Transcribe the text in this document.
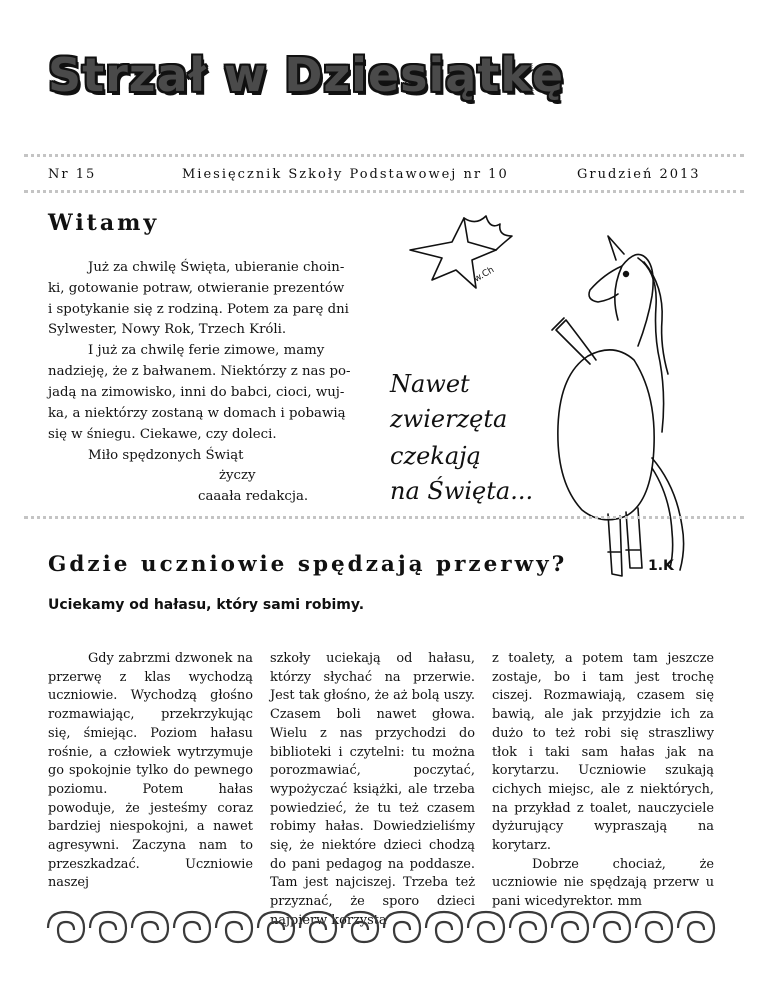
Strzał w Dziesiątkę
Nr 15	Miesięcznik Szkoły Podstawowej nr 10	Grudzień 2013
Witamy
Już za chwilę Święta, ubieranie choin-
ki, gotowanie potraw, otwieranie prezentów
i spotykanie się z rodziną. Potem za parę dni
Sylwester, Nowy Rok, Trzech Króli.
I już za chwilę ferie zimowe, mamy
nadzieję, że z bałwanem. Niektórzy z nas po-
jadą na zimowisko, inni do babci, cioci, wuj-
ka, a niektórzy zostaną w domach i pobawią
się w śniegu. Ciekawe, czy doleci.
Miło spędzonych Świąt
życzy
caaała redakcja.
Nawet
zwierzęta
czekają
na Święta...
w.Ch
1.K
Gdzie uczniowie spędzają przerwy?
Uciekamy od hałasu, który sami robimy.

Gdy zabrzmi dzwonek na przerwę z klas wychodzą uczniowie. Wychodzą głośno rozmawiając, przekrzykując się, śmiejąc. Poziom hałasu rośnie, a człowiek wytrzymuje go spokojnie tylko do pewnego poziomu. Potem hałas powoduje, że jesteśmy coraz bardziej niespokojni, a nawet agresywni. Zaczyna nam to przeszkadzać. Uczniowie naszej

szkoły uciekają od hałasu, którzy słychać na przerwie. Jest tak głośno, że aż bolą uszy. Czasem boli nawet głowa. Wielu z nas przychodzi do biblioteki i czytelni: tu można porozmawiać, poczytać, wypożyczać książki, ale trzeba powiedzieć, że tu też czasem robimy hałas. Dowiedzieliśmy się, że niektóre dzieci chodzą do pani pedagog na poddasze. Tam jest najciszej. Trzeba też przyznać, że sporo dzieci najpierw korzysta

z toalety, a potem tam jeszcze zostaje, bo i tam jest trochę ciszej. Rozmawiają, czasem się bawią, ale jak przyjdzie ich za dużo to też robi się straszliwy tłok i taki sam hałas jak na korytarzu. Uczniowie szukają cichych miejsc, ale z niektórych, na przykład z toalet, nauczyciele dyżurujący wypraszają na korytarz.

Dobrze chociaż, że uczniowie nie spędzają przerw u pani wicedyrektor. mm
